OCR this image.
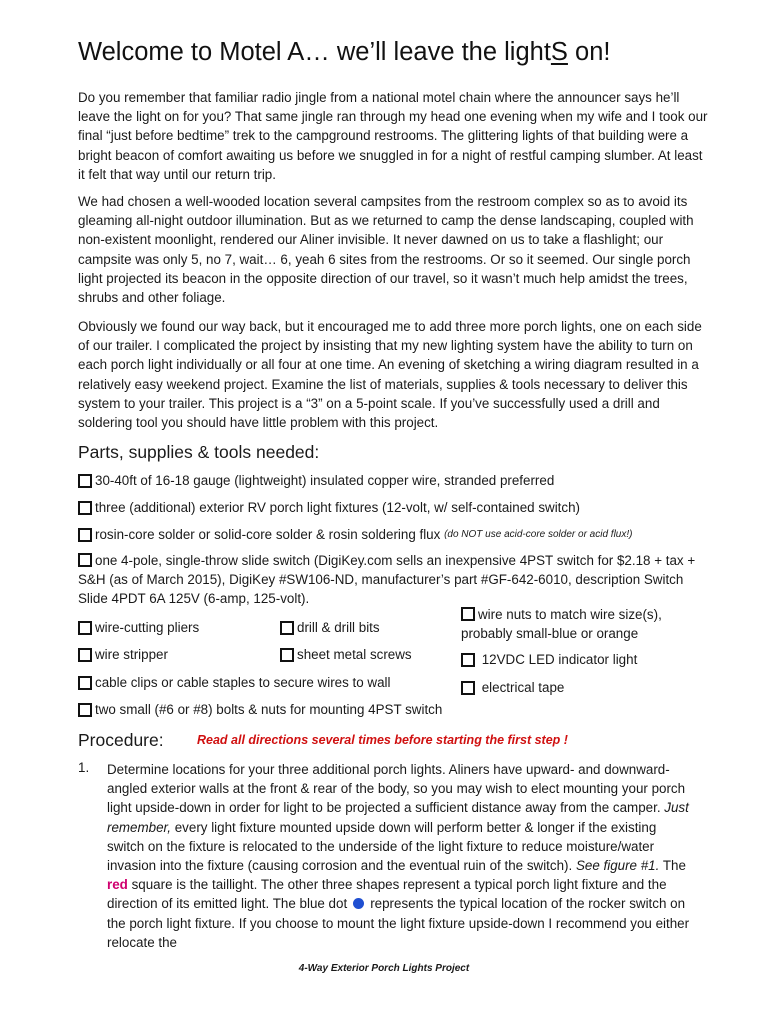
Welcome to Motel A… we’ll leave the lightS on!

Do you remember that familiar radio jingle from a national motel chain where the announcer says he’ll leave the light on for you? That same jingle ran through my head one evening when my wife and I took our final “just before bedtime” trek to the campground restrooms. The glittering lights of that building were a bright beacon of comfort awaiting us before we snuggled in for a night of restful camping slumber. At least it felt that way until our return trip.

We had chosen a well-wooded location several campsites from the restroom complex so as to avoid its gleaming all-night outdoor illumination. But as we returned to camp the dense landscaping, coupled with non-existent moonlight, rendered our Aliner invisible. It never dawned on us to take a flashlight; our campsite was only 5, no 7, wait… 6, yeah 6 sites from the restrooms. Or so it seemed. Our single porch light projected its beacon in the opposite direction of our travel, so it wasn’t much help amidst the trees, shrubs and other foliage.

Obviously we found our way back, but it encouraged me to add three more porch lights, one on each side of our trailer. I complicated the project by insisting that my new lighting system have the ability to turn on each porch light individually or all four at one time. An evening of sketching a wiring diagram resulted in a relatively easy weekend project. Examine the list of materials, supplies & tools necessary to deliver this system to your trailer. This project is a “3” on a 5-point scale. If you’ve successfully used a drill and soldering tool you should have little problem with this project.

Parts, supplies & tools needed:
30-40ft of 16-18 gauge (lightweight) insulated copper wire, stranded preferred
three (additional) exterior RV porch light fixtures (12-volt, w/ self-contained switch)
rosin-core solder or solid-core solder & rosin soldering flux
(do NOT use acid-core solder or acid flux!)
one 4-pole, single-throw slide switch (DigiKey.com sells an inexpensive 4PST switch for $2.18 + tax + S&H (as of March 2015), DigiKey #SW106-ND, manufacturer’s part #GF-642-6010, description Switch Slide 4PDT 6A 125V (6-amp, 125-volt).
wire nuts to match wire size(s), probably small-blue or orange
wire-cutting pliers	drill & drill bits

12VDC LED indicator light
wire stripper	sheet metal screws

electrical tape
cable clips or cable staples to secure wires to wall
two small (#6 or #8) bolts & nuts for mounting 4PST switch
Procedure:	Read all directions several times before starting the first step !
1. Determine locations for your three additional porch lights. Aliners have upward- and downward-angled exterior walls at the front & rear of the body, so you may wish to elect mounting your porch light upside-down in order for light to be projected a sufficient distance away from the camper. Just remember, every light fixture mounted upside down will perform better & longer if the existing switch on the fixture is relocated to the underside of the light fixture to reduce moisture/water invasion into the fixture (causing corrosion and the eventual ruin of the switch). See figure #1. The red square is the taillight. The other three shapes represent a typical porch light fixture and the direction of its emitted light. The blue dot represents the typical location of the rocker switch on the porch light fixture. If you choose to mount the light fixture upside-down I recommend you either relocate the

4-Way Exterior Porch Lights Project
